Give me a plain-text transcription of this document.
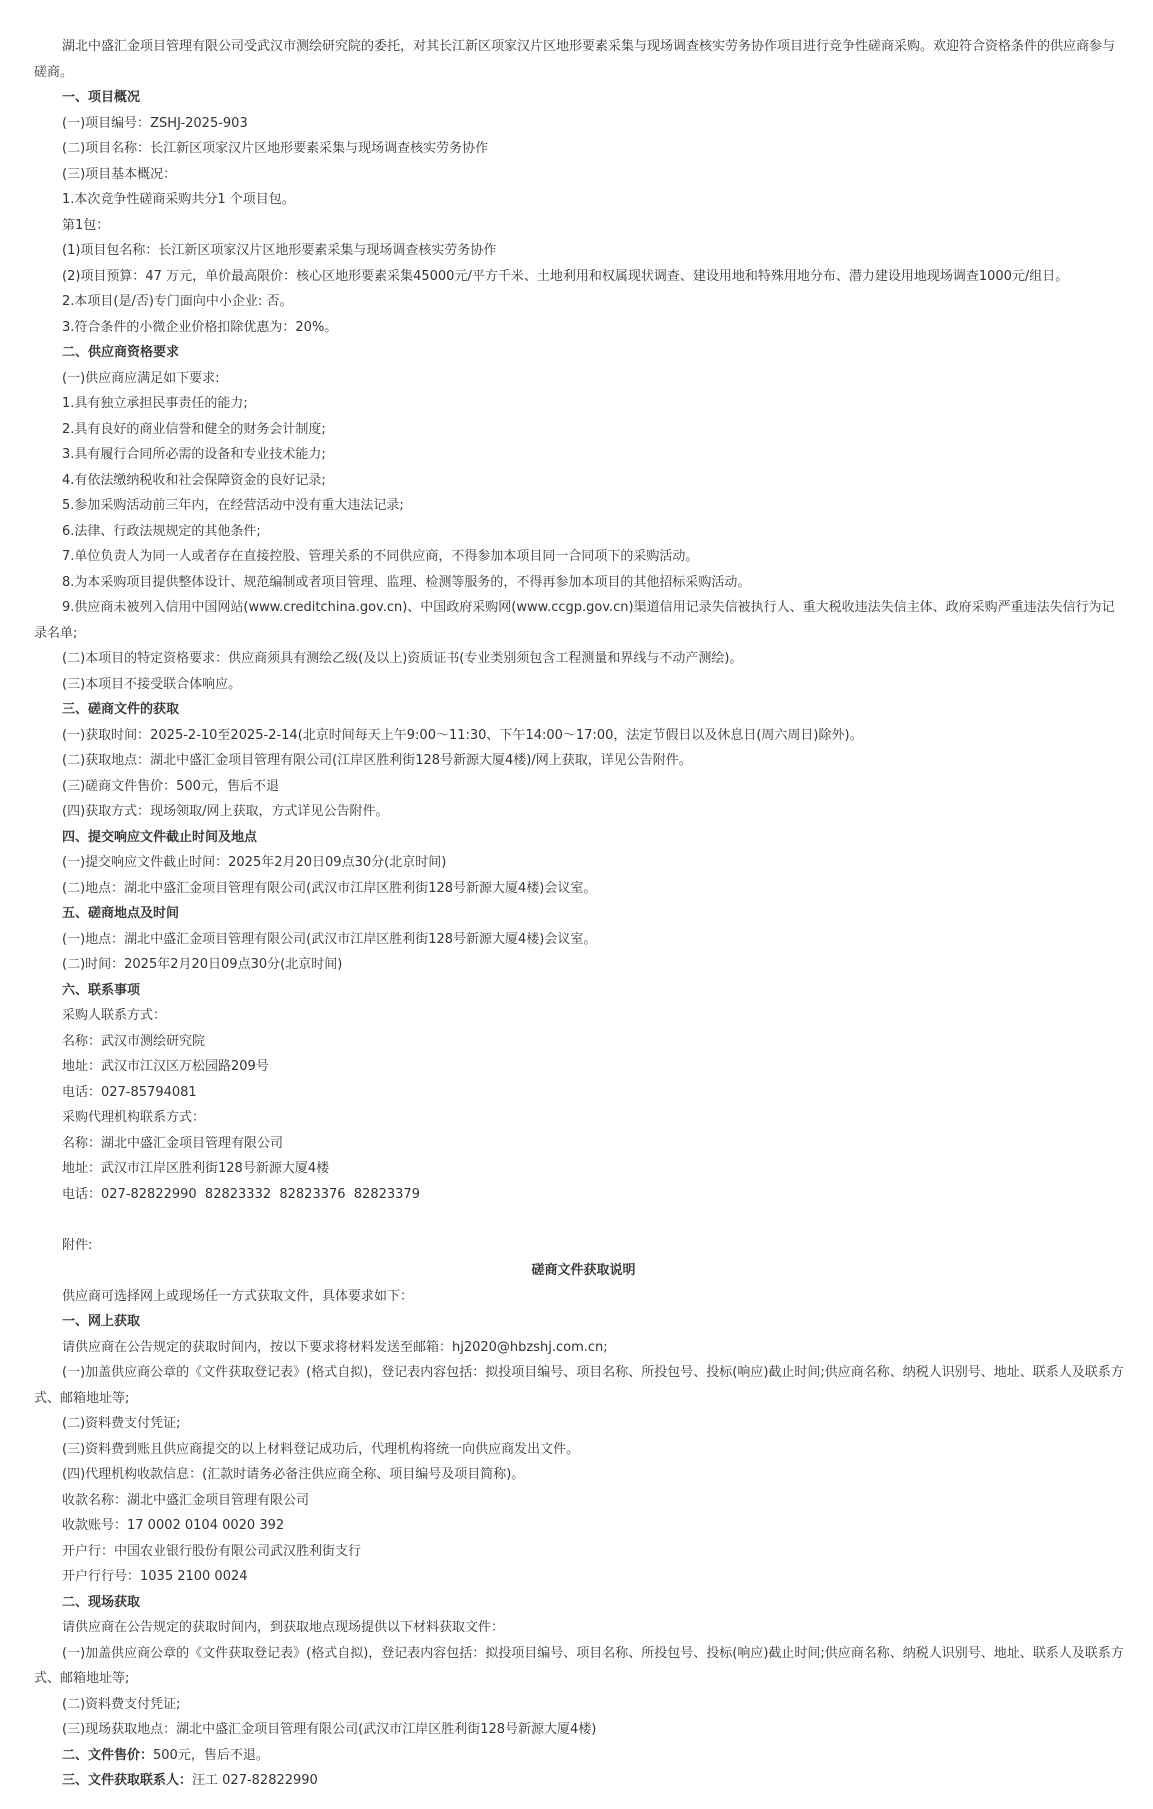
湖北中盛汇金项目管理有限公司受武汉市测绘研究院的委托，对其长江新区项家汉片区地形要素采集与现场调查核实劳务协作项目进行竞争性磋商采购。欢迎符合资格条件的供应商参与磋商。
一、项目概况
(一)项目编号：ZSHJ-2025-903
(二)项目名称：长江新区项家汉片区地形要素采集与现场调查核实劳务协作
(三)项目基本概况：
1.本次竞争性磋商采购共分1 个项目包。
第1包：
(1)项目包名称：长江新区项家汉片区地形要素采集与现场调查核实劳务协作
(2)项目预算：47 万元，单价最高限价：核心区地形要素采集45000元/平方千米、土地利用和权属现状调查、建设用地和特殊用地分布、潜力建设用地现场调查1000元/组日。
2.本项目(是/否)专门面向中小企业: 否。
3.符合条件的小微企业价格扣除优惠为：20%。
二、供应商资格要求
(一)供应商应满足如下要求:
1.具有独立承担民事责任的能力;
2.具有良好的商业信誉和健全的财务会计制度;
3.具有履行合同所必需的设备和专业技术能力;
4.有依法缴纳税收和社会保障资金的良好记录;
5.参加采购活动前三年内，在经营活动中没有重大违法记录;
6.法律、行政法规规定的其他条件;
7.单位负责人为同一人或者存在直接控股、管理关系的不同供应商，不得参加本项目同一合同项下的采购活动。
8.为本采购项目提供整体设计、规范编制或者项目管理、监理、检测等服务的，不得再参加本项目的其他招标采购活动。
9.供应商未被列入信用中国网站(www.creditchina.gov.cn)、中国政府采购网(www.ccgp.gov.cn)渠道信用记录失信被执行人、重大税收违法失信主体、政府采购严重违法失信行为记录名单;
(二)本项目的特定资格要求：供应商须具有测绘乙级(及以上)资质证书(专业类别须包含工程测量和界线与不动产测绘)。
(三)本项目不接受联合体响应。
三、磋商文件的获取
(一)获取时间：2025-2-10至2025-2-14(北京时间每天上午9:00～11:30、下午14:00～17:00，法定节假日以及休息日(周六周日)除外)。
(二)获取地点：湖北中盛汇金项目管理有限公司(江岸区胜利街128号新源大厦4楼)/网上获取，详见公告附件。
(三)磋商文件售价：500元，售后不退
(四)获取方式：现场领取/网上获取，方式详见公告附件。
四、提交响应文件截止时间及地点
(一)提交响应文件截止时间：2025年2月20日09点30分(北京时间)
(二)地点：湖北中盛汇金项目管理有限公司(武汉市江岸区胜利街128号新源大厦4楼)会议室。
五、磋商地点及时间
(一)地点：湖北中盛汇金项目管理有限公司(武汉市江岸区胜利街128号新源大厦4楼)会议室。
(二)时间：2025年2月20日09点30分(北京时间)
六、联系事项
采购人联系方式：
名称：武汉市测绘研究院
地址：武汉市江汉区万松园路209号
电话：027-85794081
采购代理机构联系方式：
名称：湖北中盛汇金项目管理有限公司
地址：武汉市江岸区胜利街128号新源大厦4楼
电话：027-82822990  82823332  82823376  82823379
附件:
磋商文件获取说明
供应商可选择网上或现场任一方式获取文件，具体要求如下：
一、网上获取
请供应商在公告规定的获取时间内，按以下要求将材料发送至邮箱：hj2020@hbzshj.com.cn;
(一)加盖供应商公章的《文件获取登记表》(格式自拟)，登记表内容包括：拟投项目编号、项目名称、所投包号、投标(响应)截止时间;供应商名称、纳税人识别号、地址、联系人及联系方式、邮箱地址等;
(二)资料费支付凭证;
(三)资料费到账且供应商提交的以上材料登记成功后，代理机构将统一向供应商发出文件。
(四)代理机构收款信息：(汇款时请务必备注供应商全称、项目编号及项目简称)。
收款名称：湖北中盛汇金项目管理有限公司
收款账号：17 0002 0104 0020 392
开户行：中国农业银行股份有限公司武汉胜利街支行
开户行行号：1035 2100 0024
二、现场获取
请供应商在公告规定的获取时间内，到获取地点现场提供以下材料获取文件：
(一)加盖供应商公章的《文件获取登记表》(格式自拟)，登记表内容包括：拟投项目编号、项目名称、所投包号、投标(响应)截止时间;供应商名称、纳税人识别号、地址、联系人及联系方式、邮箱地址等;
(二)资料费支付凭证;
(三)现场获取地点：湖北中盛汇金项目管理有限公司(武汉市江岸区胜利街128号新源大厦4楼)
二、文件售价：500元，售后不退。
三、文件获取联系人：汪工 027-82822990
